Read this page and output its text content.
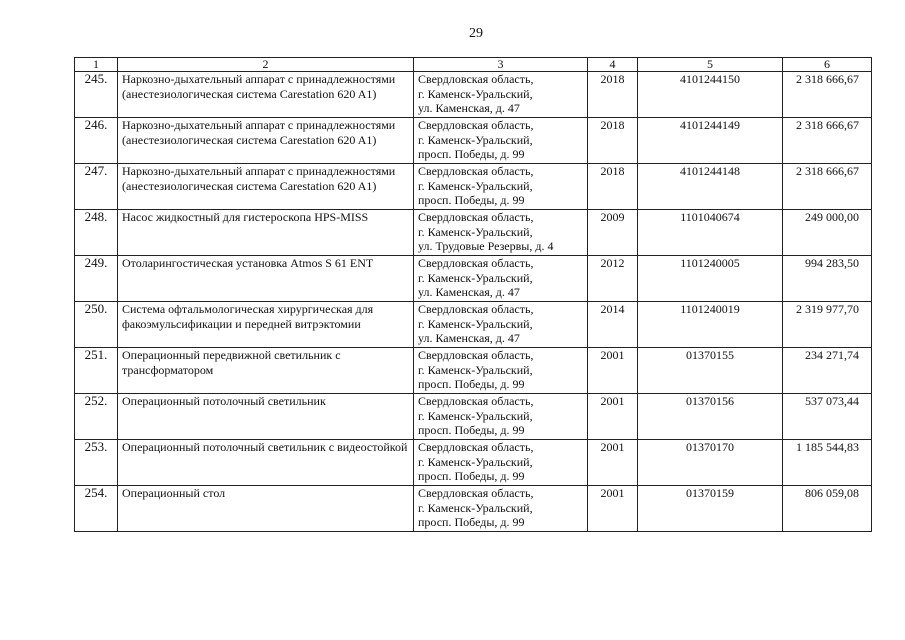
29
1	2	3	4	5	6
245.	Наркозно-дыхательный аппарат с принадлежностями (анестезиологическая система Carestation 620 A1)	Свердловская область,
г. Каменск-Уральский,
ул. Каменская, д. 47	2018	4101244150	2 318 666,67
246.	Наркозно-дыхательный аппарат с принадлежностями (анестезиологическая система Carestation 620 A1)	Свердловская область,
г. Каменск-Уральский,
просп. Победы, д. 99	2018	4101244149	2 318 666,67
247.	Наркозно-дыхательный аппарат с принадлежностями (анестезиологическая система Carestation 620 A1)	Свердловская область,
г. Каменск-Уральский,
просп. Победы, д. 99	2018	4101244148	2 318 666,67
248.	Насос жидкостный для гистероскопа HPS-MISS	Свердловская область,
г. Каменск-Уральский,
ул. Трудовые Резервы, д. 4	2009	1101040674	249 000,00
249.	Отоларингостическая установка Atmos S 61 ENT	Свердловская область,
г. Каменск-Уральский,
ул. Каменская, д. 47	2012	1101240005	994 283,50
250.	Система офтальмологическая хирургическая для факоэмульсификации и передней витрэктомии	Свердловская область,
г. Каменск-Уральский,
ул. Каменская, д. 47	2014	1101240019	2 319 977,70
251.	Операционный передвижной светильник с трансформатором	Свердловская область,
г. Каменск-Уральский,
просп. Победы, д. 99	2001	01370155	234 271,74
252.	Операционный потолочный светильник	Свердловская область,
г. Каменск-Уральский,
просп. Победы, д. 99	2001	01370156	537 073,44
253.	Операционный потолочный светильник с видеостойкой	Свердловская область,
г. Каменск-Уральский,
просп. Победы, д. 99	2001	01370170	1 185 544,83
254.	Операционный стол	Свердловская область,
г. Каменск-Уральский,
просп. Победы, д. 99	2001	01370159	806 059,08
